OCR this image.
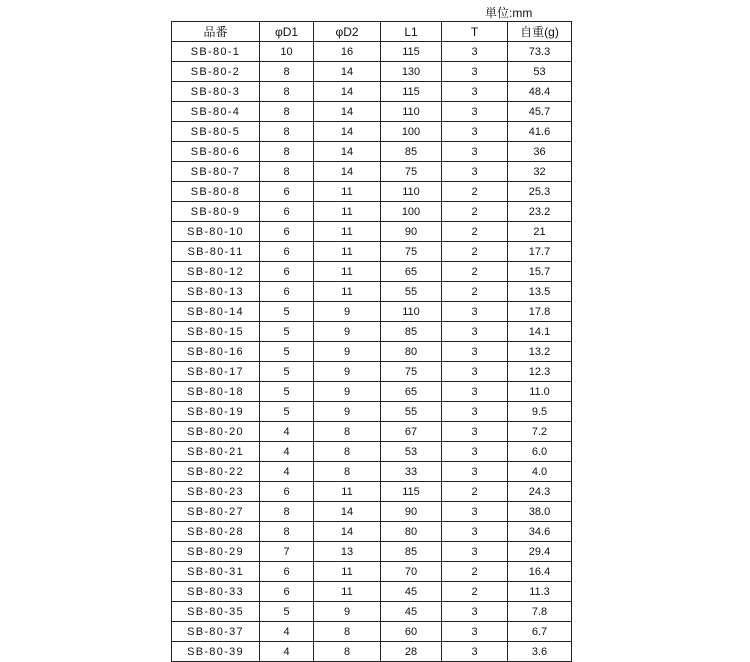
単位:mm
品番	φD1	φD2	L1	T	自重(g)
SB-80-1	10	16	115	3	73.3
SB-80-2	8	14	130	3	53
SB-80-3	8	14	115	3	48.4
SB-80-4	8	14	110	3	45.7
SB-80-5	8	14	100	3	41.6
SB-80-6	8	14	85	3	36
SB-80-7	8	14	75	3	32
SB-80-8	6	11	110	2	25.3
SB-80-9	6	11	100	2	23.2
SB-80-10	6	11	90	2	21
SB-80-11	6	11	75	2	17.7
SB-80-12	6	11	65	2	15.7
SB-80-13	6	11	55	2	13.5
SB-80-14	5	9	110	3	17.8
SB-80-15	5	9	85	3	14.1
SB-80-16	5	9	80	3	13.2
SB-80-17	5	9	75	3	12.3
SB-80-18	5	9	65	3	11.0
SB-80-19	5	9	55	3	9.5
SB-80-20	4	8	67	3	7.2
SB-80-21	4	8	53	3	6.0
SB-80-22	4	8	33	3	4.0
SB-80-23	6	11	115	2	24.3
SB-80-27	8	14	90	3	38.0
SB-80-28	8	14	80	3	34.6
SB-80-29	7	13	85	3	29.4
SB-80-31	6	11	70	2	16.4
SB-80-33	6	11	45	2	11.3
SB-80-35	5	9	45	3	7.8
SB-80-37	4	8	60	3	6.7
SB-80-39	4	8	28	3	3.6
